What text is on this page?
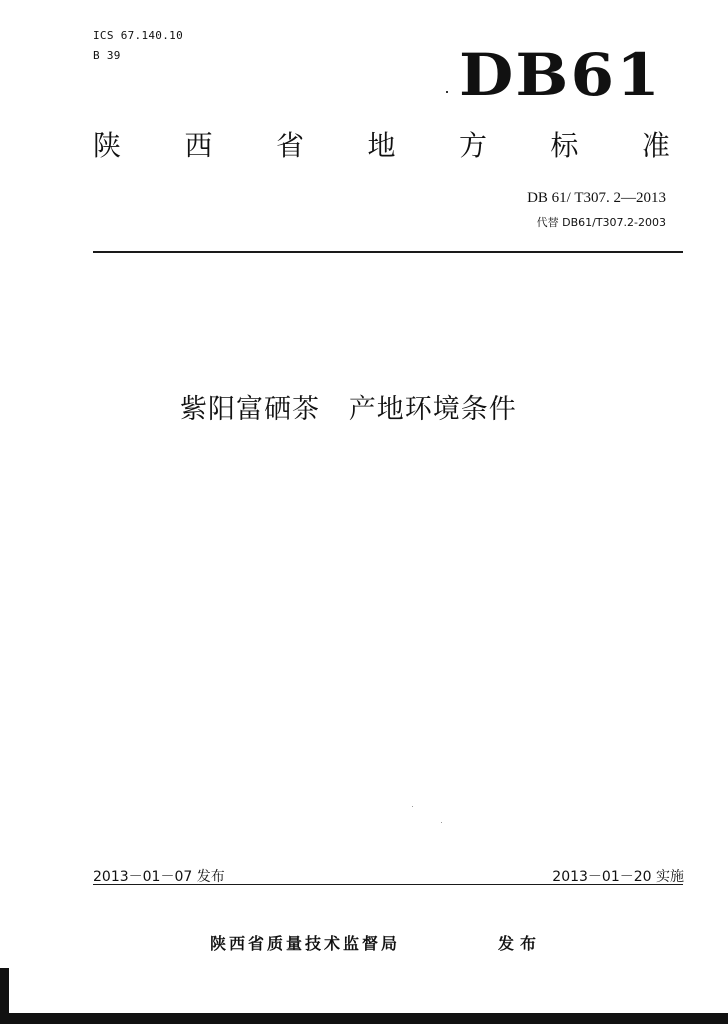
ICS 67.140.10
B 39	DB61
陕 西 省 地 方 标 准
DB 61/ T307. 2—2013
代替 DB61/T307.2-2003
紫阳富硒茶   产地环境条件
2013－01－07 发布	2013－01－20 实施
陕西省质量技术监督局	发布
